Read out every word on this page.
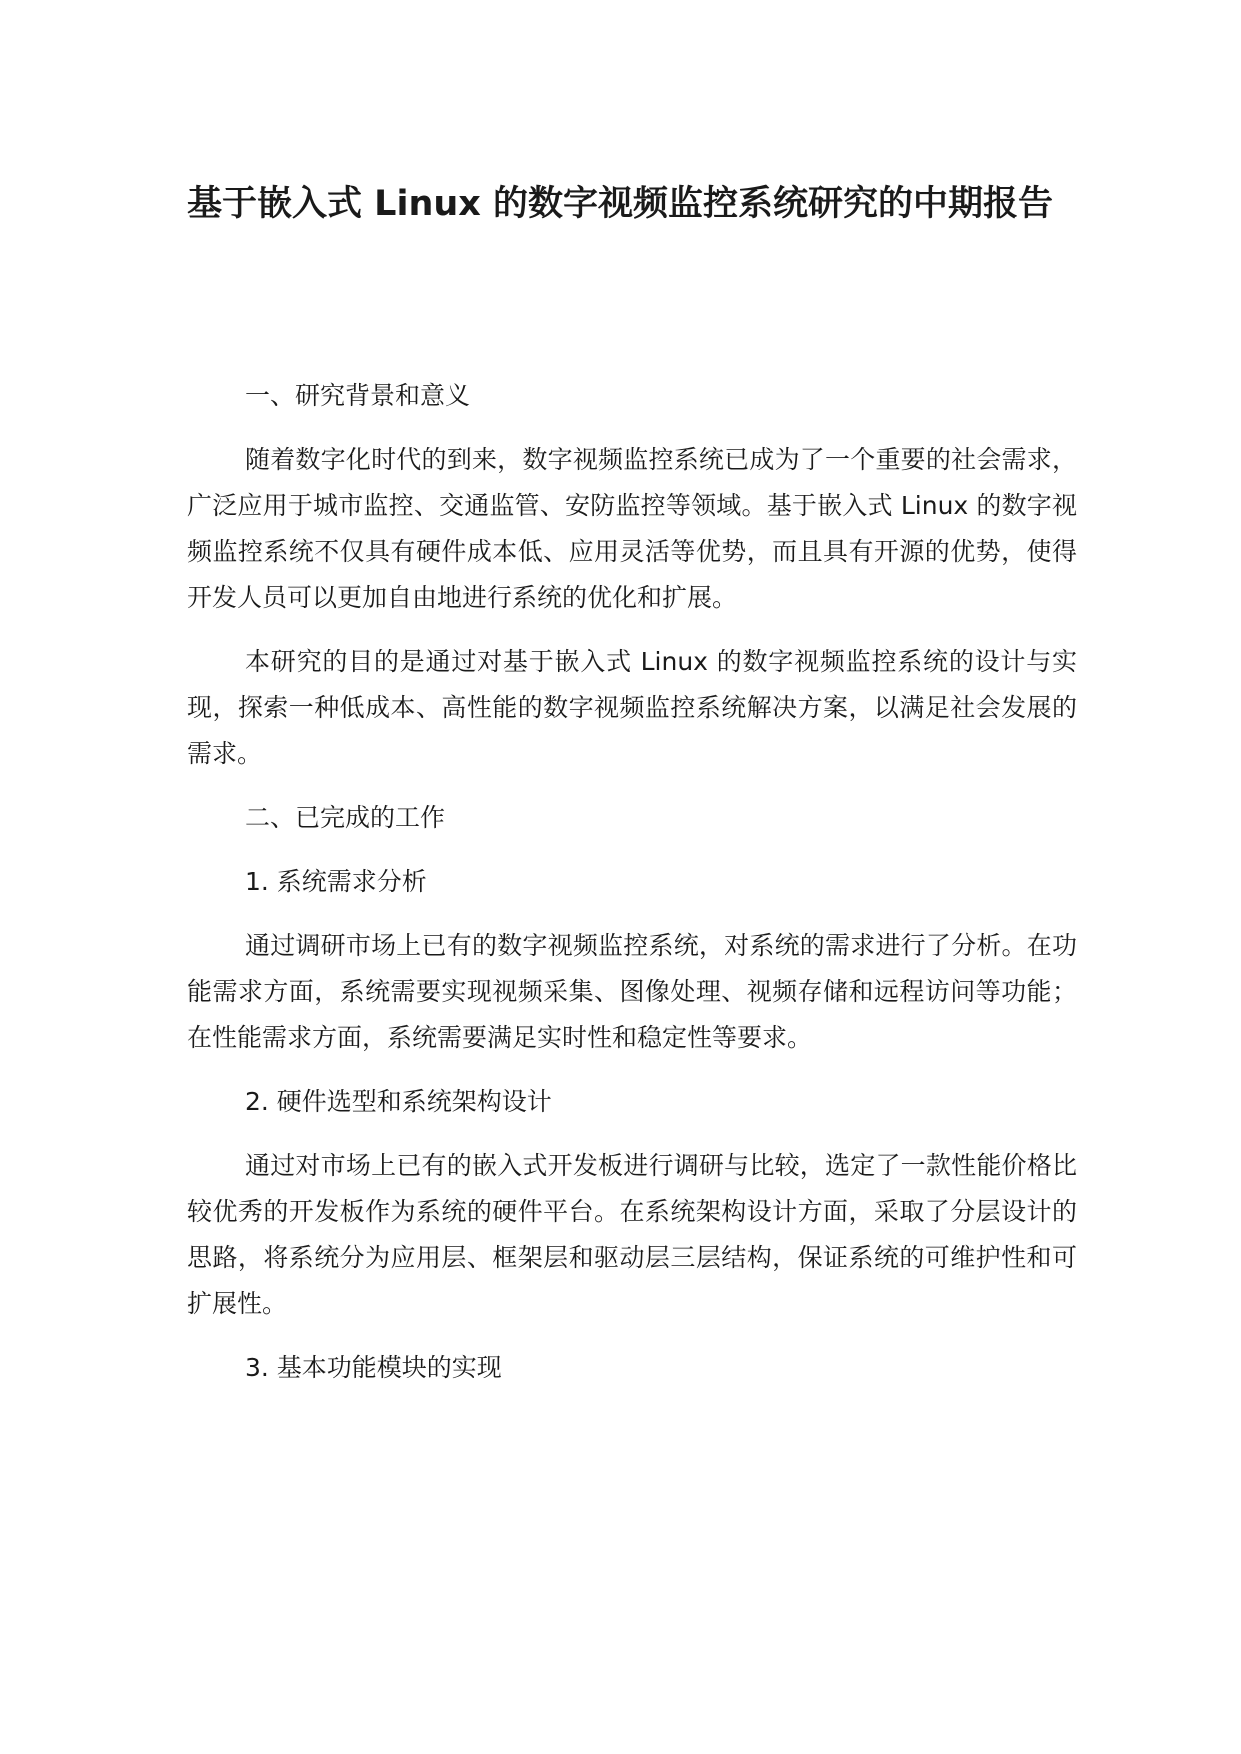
基于嵌入式 Linux 的数字视频监控系统研究的中期报告

一、研究背景和意义

随着数字化时代的到来，数字视频监控系统已成为了一个重要的社会需求，广泛应用于城市监控、交通监管、安防监控等领域。基于嵌入式 Linux 的数字视频监控系统不仅具有硬件成本低、应用灵活等优势，而且具有开源的优势，使得开发人员可以更加自由地进行系统的优化和扩展。

本研究的目的是通过对基于嵌入式 Linux 的数字视频监控系统的设计与实现，探索一种低成本、高性能的数字视频监控系统解决方案，以满足社会发展的需求。

二、已完成的工作

1. 系统需求分析

通过调研市场上已有的数字视频监控系统，对系统的需求进行了分析。在功能需求方面，系统需要实现视频采集、图像处理、视频存储和远程访问等功能；在性能需求方面，系统需要满足实时性和稳定性等要求。

2. 硬件选型和系统架构设计

通过对市场上已有的嵌入式开发板进行调研与比较，选定了一款性能价格比较优秀的开发板作为系统的硬件平台。在系统架构设计方面，采取了分层设计的思路，将系统分为应用层、框架层和驱动层三层结构，保证系统的可维护性和可扩展性。

3. 基本功能模块的实现
